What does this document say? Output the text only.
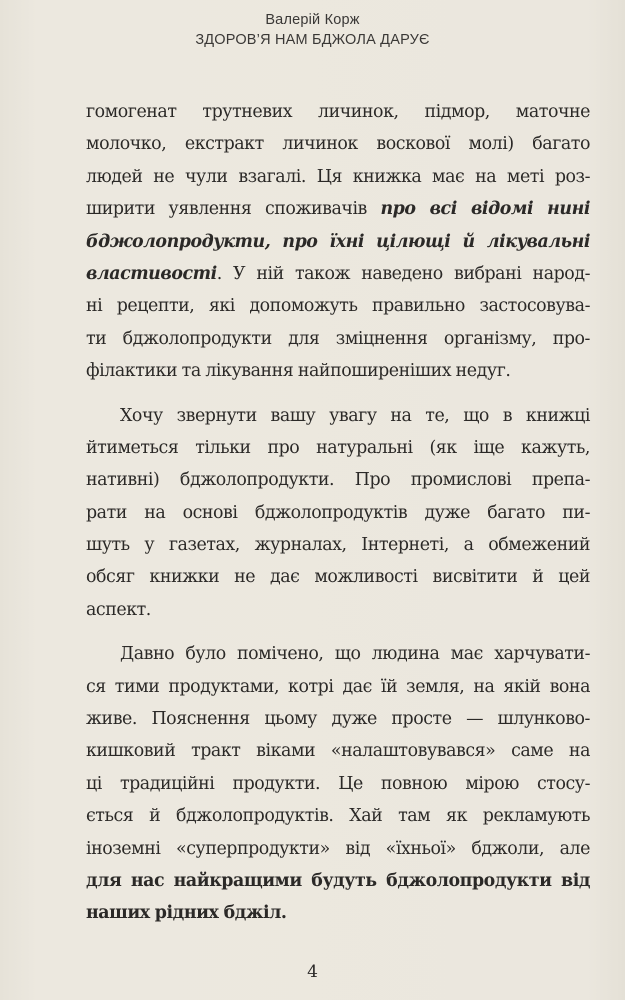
Валерій Корж
ЗДОРОВ’Я НАМ БДЖОЛА ДАРУЄ
гомогенат трутневих личинок, підмор, маточне
молочко, екстракт личинок воскової молі) багато
людей не чули взагалі. Ця книжка має на меті роз-
ширити уявлення споживачів про всі відомі нині
бджолопродукти, про їхні цілющі й лікувальні
властивості. У ній також наведено вибрані народ-
ні рецепти, які допоможуть правильно застосовува-
ти бджолопродукти для зміцнення організму, про-
філактики та лікування найпоширеніших недуг.
Хочу звернути вашу увагу на те, що в книжці
йтиметься тільки про натуральні (як іще кажуть,
нативні) бджолопродукти. Про промислові препа-
рати на основі бджолопродуктів дуже багато пи-
шуть у газетах, журналах, Інтернеті, а обмежений
обсяг книжки не дає можливості висвітити й цей
аспект.
Давно було помічено, що людина має харчувати-
ся тими продуктами, котрі дає їй земля, на якій вона
живе. Пояснення цьому дуже просте — шлунково-
кишковий тракт віками «налаштовувався» саме на
ці традиційні продукти. Це повною мірою стосу-
ється й бджолопродуктів. Хай там як рекламують
іноземні «суперпродукти» від «їхньої» бджоли, але
для нас найкращими будуть бджолопродукти від
наших рідних бджіл.
4
